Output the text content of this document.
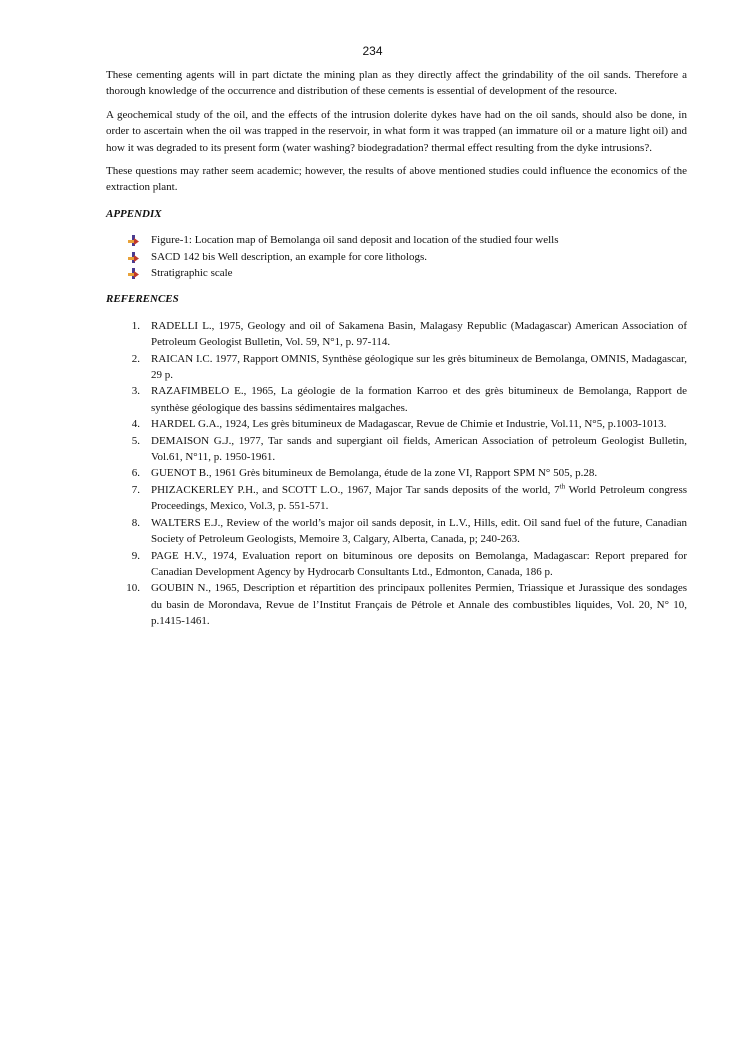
234

These cementing agents will in part dictate the mining plan as they directly affect the grindability of the oil sands. Therefore a thorough knowledge of the occurrence and distribution of these cements is essential of development of the resource.

A geochemical study of the oil, and the effects of the intrusion dolerite dykes have had on the oil sands, should also be done, in order to ascertain when the oil was trapped in the reservoir, in what form it was trapped (an immature oil or a mature light oil) and how it was degraded to its present form (water washing? biodegradation? thermal effect resulting from the dyke intrusions?.

These questions may rather seem academic; however, the results of above mentioned studies could influence the economics of the extraction plant.

APPENDIX
Figure-1: Location map of Bemolanga oil sand deposit and location of the studied four wells
SACD 142 bis Well description, an example for core lithologs.
Stratigraphic scale
REFERENCES
1. RADELLI L., 1975, Geology and oil of Sakamena Basin, Malagasy Republic (Madagascar) American Association of Petroleum Geologist Bulletin, Vol. 59, N°1, p. 97-114.
2. RAICAN I.C. 1977, Rapport OMNIS, Synthèse géologique sur les grès bitumineux de Bemolanga, OMNIS, Madagascar, 29 p.
3. RAZAFIMBELO E., 1965, La géologie de la formation Karroo et des grès bitumineux de Bemolanga, Rapport de synthèse géologique des bassins sédimentaires malgaches.
4. HARDEL G.A., 1924, Les grès bitumineux de Madagascar, Revue de Chimie et Industrie, Vol.11, N°5, p.1003-1013.
5. DEMAISON G.J., 1977, Tar sands and supergiant oil fields, American Association of petroleum Geologist Bulletin, Vol.61, N°11, p. 1950-1961.
6. GUENOT B., 1961 Grès bitumineux de Bemolanga, étude de la zone VI, Rapport SPM N° 505, p.28.
7. PHIZACKERLEY P.H., and SCOTT L.O., 1967, Major Tar sands deposits of the world, 7th World Petroleum congress Proceedings, Mexico, Vol.3, p. 551-571.
8. WALTERS E.J., Review of the world’s major oil sands deposit, in L.V., Hills, edit. Oil sand fuel of the future, Canadian Society of Petroleum Geologists, Memoire 3, Calgary, Alberta, Canada, p; 240-263.
9. PAGE H.V., 1974, Evaluation report on bituminous ore deposits on Bemolanga, Madagascar: Report prepared for Canadian Development Agency by Hydrocarb Consultants Ltd., Edmonton, Canada, 186 p.
10. GOUBIN N., 1965, Description et répartition des principaux pollenites Permien, Triassique et Jurassique des sondages du basin de Morondava, Revue de l’Institut Français de Pétrole et Annale des combustibles liquides, Vol. 20, N° 10, p.1415-1461.
